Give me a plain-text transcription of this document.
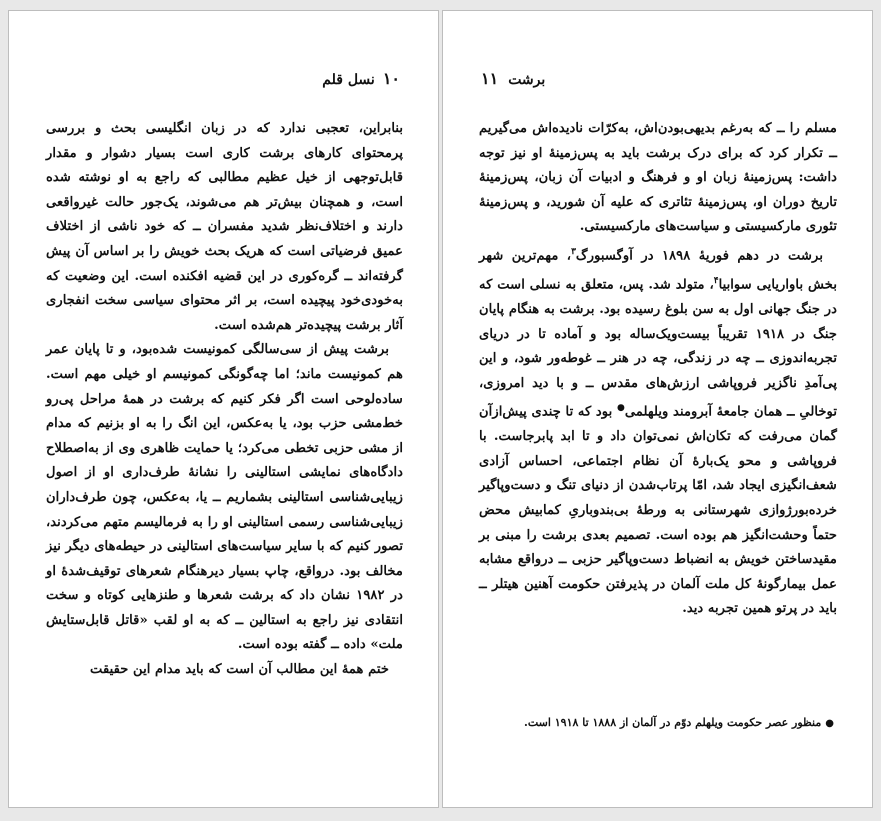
۱۰نسل قلم

بنابراین، تعجبی ندارد که در زبان انگلیسی بحث و بررسی پرمحتوای کارهای برشت کاری است بسیار دشوار و مقدار قابل‌توجهی از خیل عظیم مطالبی که راجع به او نوشته شده است، و همچنان بیش‌تر هم می‌شوند، یک‌جور حالت غیرواقعی دارند و اختلاف‌نظر شدید مفسران ــ که خود ناشی از اختلاف عمیق فرضیاتی است که هریک بحث خویش را بر اساس آن پیش گرفته‌اند ــ گره‌کوری در این قضیه افکنده است. این وضعیت که به‌خودی‌خود پیچیده است، بر اثر محتوای سیاسی سخت انفجاری آثار برشت پیچیده‌تر هم‌شده است.

برشت پیش از سی‌سالگی کمونیست شده‌بود، و تا پایان عمر هم کمونیست ماند؛ اما چه‌گونگی کمونیسم او خیلی مهم است. ساده‌لوحی است اگر فکر کنیم که برشت در همهٔ مراحل پی‌رو خط‌مشی حزب بود، یا به‌عکس، این انگ را به او بزنیم که مدام از مشی حزبی تخطی می‌کرد؛ یا حمایت ظاهری وی از به‌اصطلاح دادگاه‌های نمایشی استالینی را نشانهٔ طرف‌داری او از اصول زیبایی‌شناسی استالینی بشماریم ــ یا، به‌عکس، چون طرف‌داران زیبایی‌شناسی رسمی استالینی او را به فرمالیسم متهم می‌کردند، تصور کنیم که با سایر سیاست‌های استالینی در حیطه‌های دیگر نیز مخالف بود. درواقع، چاپ بسیار دیرهنگام شعرهای توقیف‌شدهٔ او در ۱۹۸۲ نشان داد که برشت شعرها و طنزهایی کوتاه و سخت انتقادی نیز راجع به استالین ــ که به او لقب «قاتل قابل‌ستایش ملت» داده ــ گفته بوده است.

ختم همهٔ این مطالب آن است که باید مدام این حقیقت

برشت۱۱

مسلم را ــ که به‌رغم بدیهی‌بودن‌اش، به‌کرّات نادیده‌اش می‌گیریم ــ تکرار کرد که برای درک برشت باید به پس‌زمینهٔ او نیز توجه داشت: پس‌زمینهٔ زبان او و فرهنگ و ادبیات آن زبان، پس‌زمینهٔ تاریخ دوران او، پس‌زمینهٔ تئاتری که علیه آن شورید، و پس‌زمینهٔ تئوری مارکسیستی و سیاست‌های مارکسیستی.

برشت در دهم فوریهٔ ۱۸۹۸ در آوگسبورگ$^۳$، مهم‌ترین شهر بخش باواریایی سوابیا$^۴$، متولد شد. پس، متعلق به نسلی است که در جنگ جهانی اول به سن بلوغ رسیده بود. برشت به هنگام پایان جنگ در ۱۹۱۸ تقریباً بیست‌ویک‌ساله بود و آماده تا در دریای تجربه‌اندوزی ــ چه در زندگی، چه در هنر ــ غوطه‌ور شود، و این پی‌آمدِ ناگزیر فروپاشی ارزش‌های مقدس ــ و با دید امروزی، توخالیِ ــ همان جامعهٔ آبرومند ویلهلمی● بود که تا چندی پیش‌از‌آن گمان می‌رفت که تکان‌اش نمی‌توان داد و تا ابد پابرجاست. با فروپاشی و محو یک‌بارهٔ آن نظام اجتماعی، احساس آزادی شعف‌انگیزی ایجاد شد، امّا پرتاب‌شدن از دنیای تنگ و دست‌وپاگیر خرده‌بورژوازی شهرستانی به ورطهٔ بی‌بندوباریِ کمابیش محض حتماً وحشت‌انگیز هم بوده است. تصمیم بعدی برشت را مبنی بر مقیدساختن خویش به انضباط دست‌وپاگیر حزبی ــ درواقع مشابه عمل بیمارگونهٔ کل ملت آلمان در پذیرفتن حکومت آهنین هیتلر ــ باید در پرتو همین تجربه دید.

●منظور عصر حکومت ویلهلم دوّم در آلمان از ۱۸۸۸ تا ۱۹۱۸ است.
